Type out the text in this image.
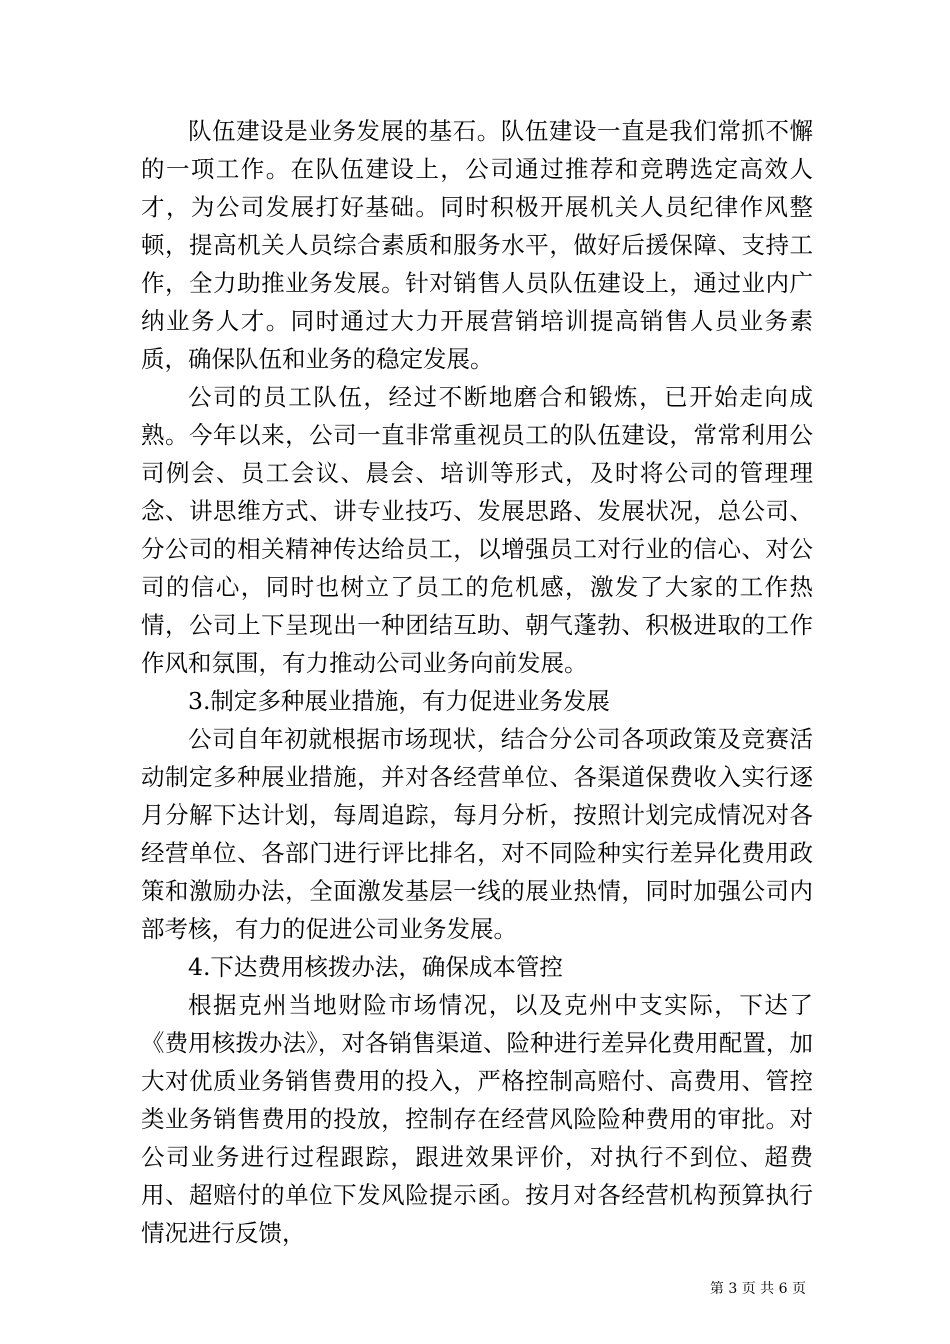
队伍建设是业务发展的基石。队伍建设一直是我们常抓不懈的一项工作。在队伍建设上，公司通过推荐和竞聘选定高效人才，为公司发展打好基础。同时积极开展机关人员纪律作风整顿，提高机关人员综合素质和服务水平，做好后援保障、支持工作，全力助推业务发展。针对销售人员队伍建设上，通过业内广纳业务人才。同时通过大力开展营销培训提高销售人员业务素质，确保队伍和业务的稳定发展。

公司的员工队伍，经过不断地磨合和锻炼，已开始走向成熟。今年以来，公司一直非常重视员工的队伍建设，常常利用公司例会、员工会议、晨会、培训等形式，及时将公司的管理理念、讲思维方式、讲专业技巧、发展思路、发展状况，总公司、分公司的相关精神传达给员工，以增强员工对行业的信心、对公司的信心，同时也树立了员工的危机感，激发了大家的工作热情，公司上下呈现出一种团结互助、朝气蓬勃、积极进取的工作作风和氛围，有力推动公司业务向前发展。

3.制定多种展业措施，有力促进业务发展

公司自年初就根据市场现状，结合分公司各项政策及竞赛活动制定多种展业措施，并对各经营单位、各渠道保费收入实行逐月分解下达计划，每周追踪，每月分析，按照计划完成情况对各经营单位、各部门进行评比排名，对不同险种实行差异化费用政策和激励办法，全面激发基层一线的展业热情，同时加强公司内部考核，有力的促进公司业务发展。

4.下达费用核拨办法，确保成本管控

根据克州当地财险市场情况，以及克州中支实际，下达了《费用核拨办法》，对各销售渠道、险种进行差异化费用配置，加大对优质业务销售费用的投入，严格控制高赔付、高费用、管控类业务销售费用的投放，控制存在经营风险险种费用的审批。对公司业务进行过程跟踪，跟进效果评价，对执行不到位、超费用、超赔付的单位下发风险提示函。按月对各经营机构预算执行情况进行反馈，

第 3 页 共 6 页
